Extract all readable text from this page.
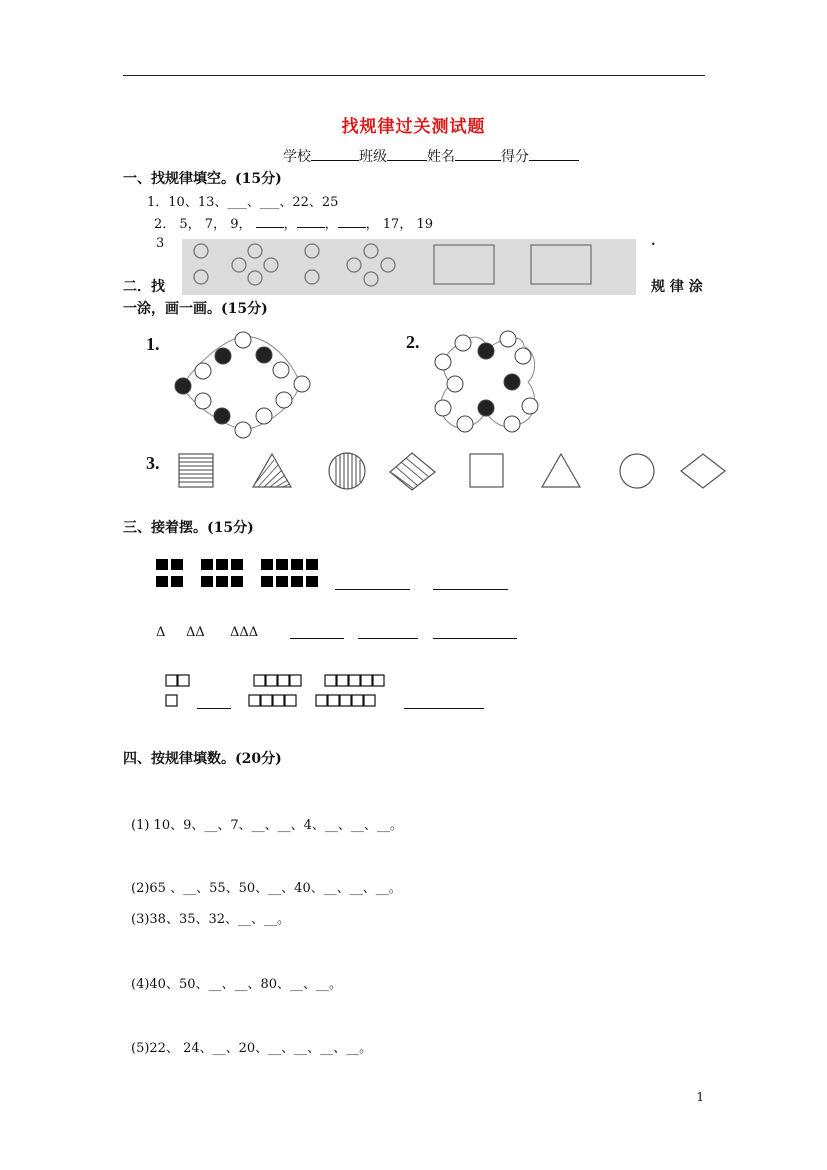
找规律过关测试题
学校	班级	姓名	得分
一、找规律填空。(15分)
1．10、13、___、___、22、25
2． 5， 7， 9， ， ， ， 17， 19
3	.
二．找	规 律 涂
一涂，画一画。(15分)
1.	2.
3.
三、接着摆。(15分)
Δ ΔΔ ΔΔΔ
四、按规律填数。(20分)
(1) 10、9、__、7、__、__、4、__、__、__。
(2)65 、__、55、50、__、40、__、__、__。
(3)38、35、32、__、__。
(4)40、50、__、__、80、__、__。
(5)22、 24、__、20、__、__、__、__。
1
